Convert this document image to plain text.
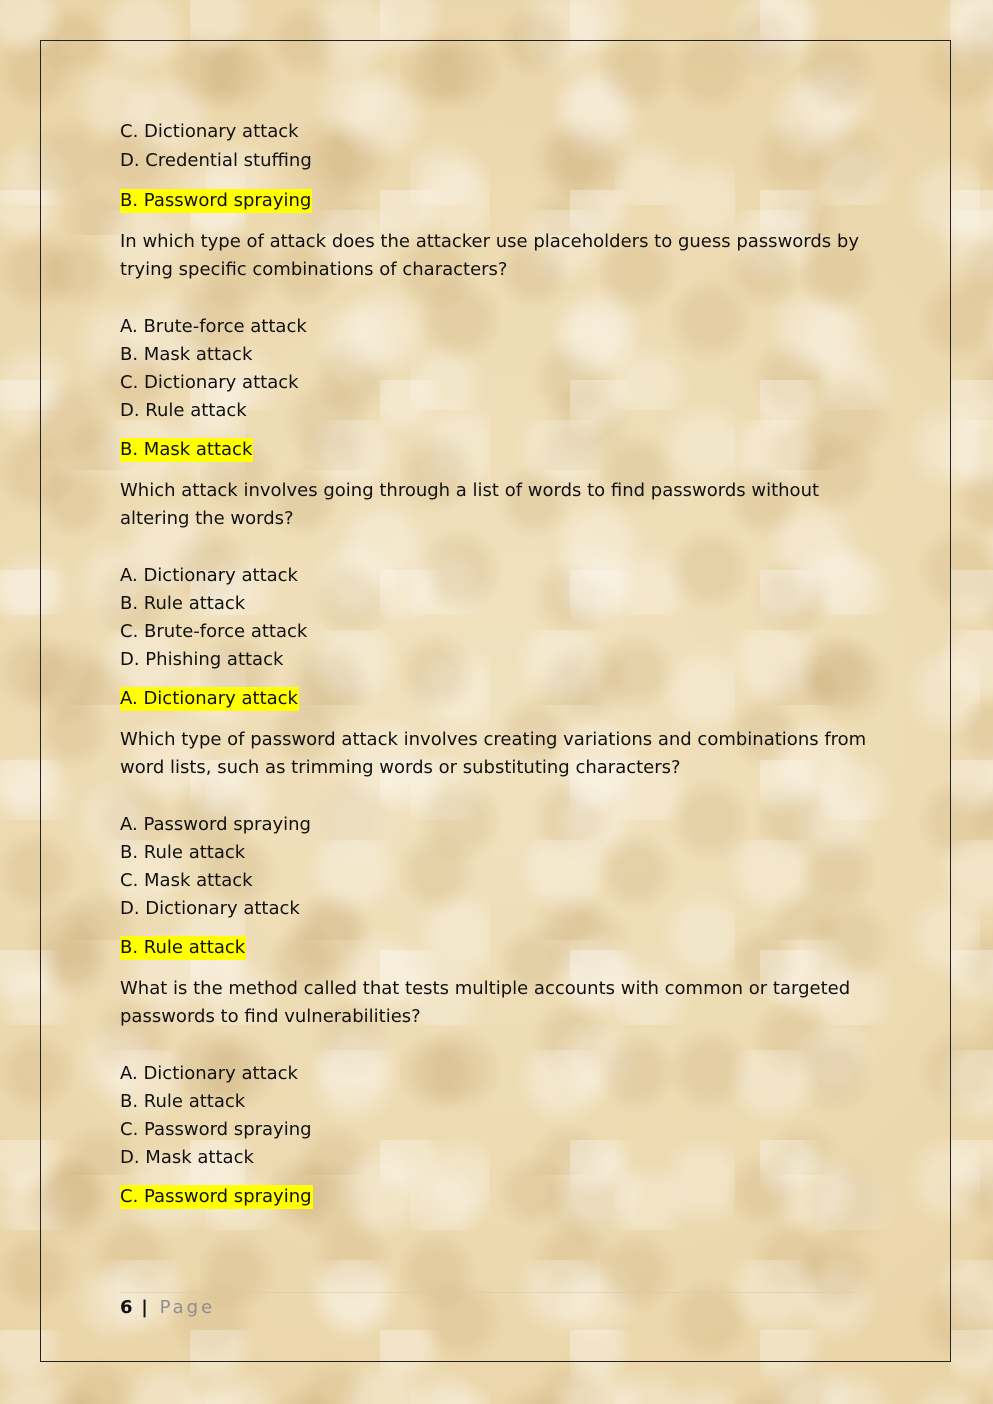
C. Dictionary attack
D. Credential stuffing
B. Password spraying
In which type of attack does the attacker use placeholders to guess passwords by trying specific combinations of characters?
A. Brute-force attack
B. Mask attack
C. Dictionary attack
D. Rule attack
B. Mask attack
Which attack involves going through a list of words to find passwords without altering the words?
A. Dictionary attack
B. Rule attack
C. Brute-force attack
D. Phishing attack
A. Dictionary attack
Which type of password attack involves creating variations and combinations from word lists, such as trimming words or substituting characters?
A. Password spraying
B. Rule attack
C. Mask attack
D. Dictionary attack
B. Rule attack
What is the method called that tests multiple accounts with common or targeted passwords to find vulnerabilities?
A. Dictionary attack
B. Rule attack
C. Password spraying
D. Mask attack
C. Password spraying
6 | Page
